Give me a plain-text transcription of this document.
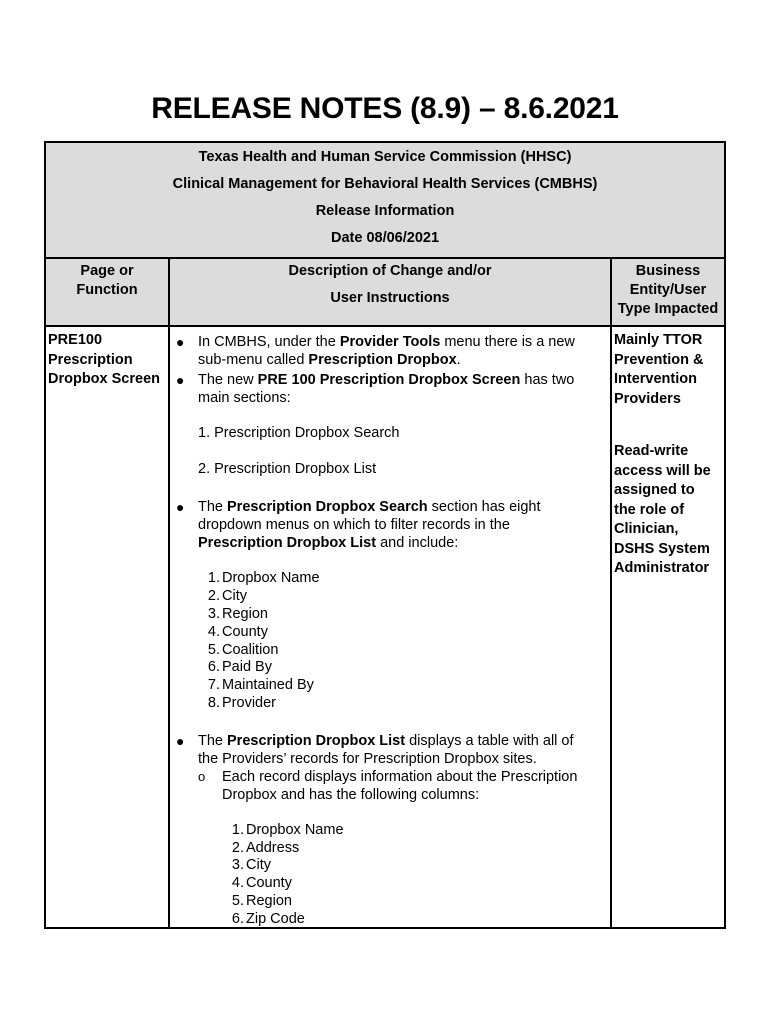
RELEASE NOTES (8.9) – 8.6.2021
Texas Health and Human Service Commission (HHSC)
Clinical Management for Behavioral Health Services (CMBHS)
Release Information
Date 08/06/2021
Page or
Function
Description of Change and/or
User Instructions
Business
Entity/User
Type Impacted
PRE100
Prescription
Dropbox Screen
● In CMBHS, under the Provider Tools menu there is a new
sub-menu called Prescription Dropbox.
● The new PRE 100 Prescription Dropbox Screen has two
main sections:
1. Prescription Dropbox Search
2. Prescription Dropbox List
● The Prescription Dropbox Search section has eight
dropdown menus on which to filter records in the
Prescription Dropbox List and include:
1. Dropbox Name
2. City
3. Region
4. County
5. Coalition
6. Paid By
7. Maintained By
8. Provider
● The Prescription Dropbox List displays a table with all of
the Providers’ records for Prescription Dropbox sites.
o Each record displays information about the Prescription
Dropbox and has the following columns:
1. Dropbox Name
2. Address
3. City
4. County
5. Region
6. Zip Code
Mainly TTOR
Prevention &
Intervention
Providers
Read-write
access will be
assigned to
the role of
Clinician,
DSHS System
Administrator
